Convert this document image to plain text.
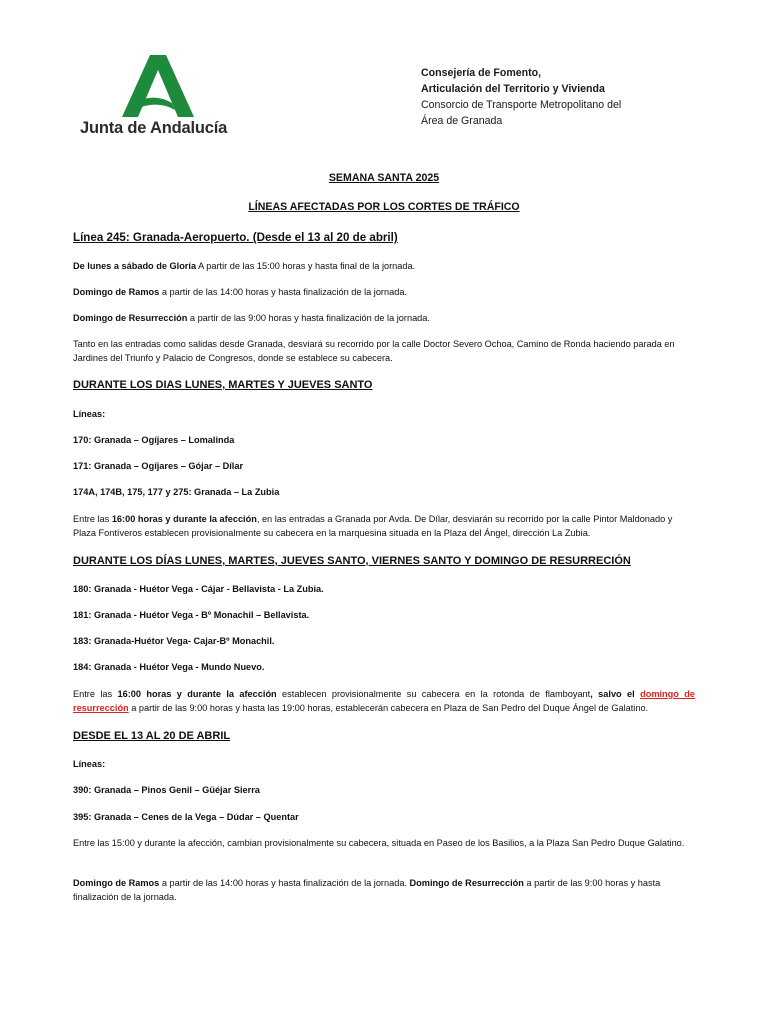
Junta de Andalucía
Consejería de Fomento,
Articulación del Territorio y Vivienda
Consorcio de Transporte Metropolitano del
Área de Granada
SEMANA SANTA 2025
LÍNEAS AFECTADAS POR LOS CORTES DE TRÁFICO
Línea 245: Granada-Aeropuerto. (Desde el 13 al 20 de abril)
De lunes a sábado de Gloría A partir de las 15:00 horas y hasta final de la jornada.
Domingo de Ramos a partir de las 14:00 horas y hasta finalización de la jornada.
Domingo de Resurrección a partir de las 9:00 horas y hasta finalización de la jornada.
Tanto en las entradas como salidas desde Granada, desviará su recorrido por la calle Doctor Severo Ochoa, Camino de Ronda haciendo parada en Jardines del Triunfo y Palacio de Congresos, donde se establece su cabecera.
DURANTE LOS DIAS LUNES, MARTES Y JUEVES SANTO
Líneas:
170: Granada – Ogíjares – Lomalinda
171: Granada – Ogíjares – Gójar – Dílar
174A, 174B, 175, 177 y 275: Granada – La Zubia
Entre las 16:00 horas y durante la afección, en las entradas a Granada por Avda. De Dílar, desviarán su recorrido por la calle Pintor Maldonado y Plaza Fontíveros establecen provisionalmente su cabecera en la marquesina situada en la Plaza del Ángel, dirección La Zubia.
DURANTE LOS DÍAS LUNES, MARTES, JUEVES SANTO, VIERNES SANTO Y DOMINGO DE RESURRECIÓN
180: Granada - Huétor Vega - Cájar - Bellavista - La Zubia.
181: Granada - Huétor Vega - Bº Monachil – Bellavista.
183: Granada-Huétor Vega- Cajar-Bº Monachil.
184: Granada - Huétor Vega - Mundo Nuevo.
Entre las 16:00 horas y durante la afección establecen provisionalmente su cabecera en la rotonda de flamboyant, salvo el domingo de resurrección a partir de las 9:00 horas y hasta las 19:00 horas, establecerán cabecera en Plaza de San Pedro del Duque Ángel de Galatino.
DESDE EL 13 AL 20 DE ABRIL
Líneas:
390: Granada – Pinos Genil – Güéjar Sierra
395: Granada – Cenes de la Vega – Dúdar – Quentar
Entre las 15:00 y durante la afección, cambian provisionalmente su cabecera, situada en Paseo de los Basilios, a la Plaza San Pedro Duque Galatino.
Domingo de Ramos a partir de las 14:00 horas y hasta finalización de la jornada. Domingo de Resurrección a partir de las 9:00 horas y hasta finalización de la jornada.
